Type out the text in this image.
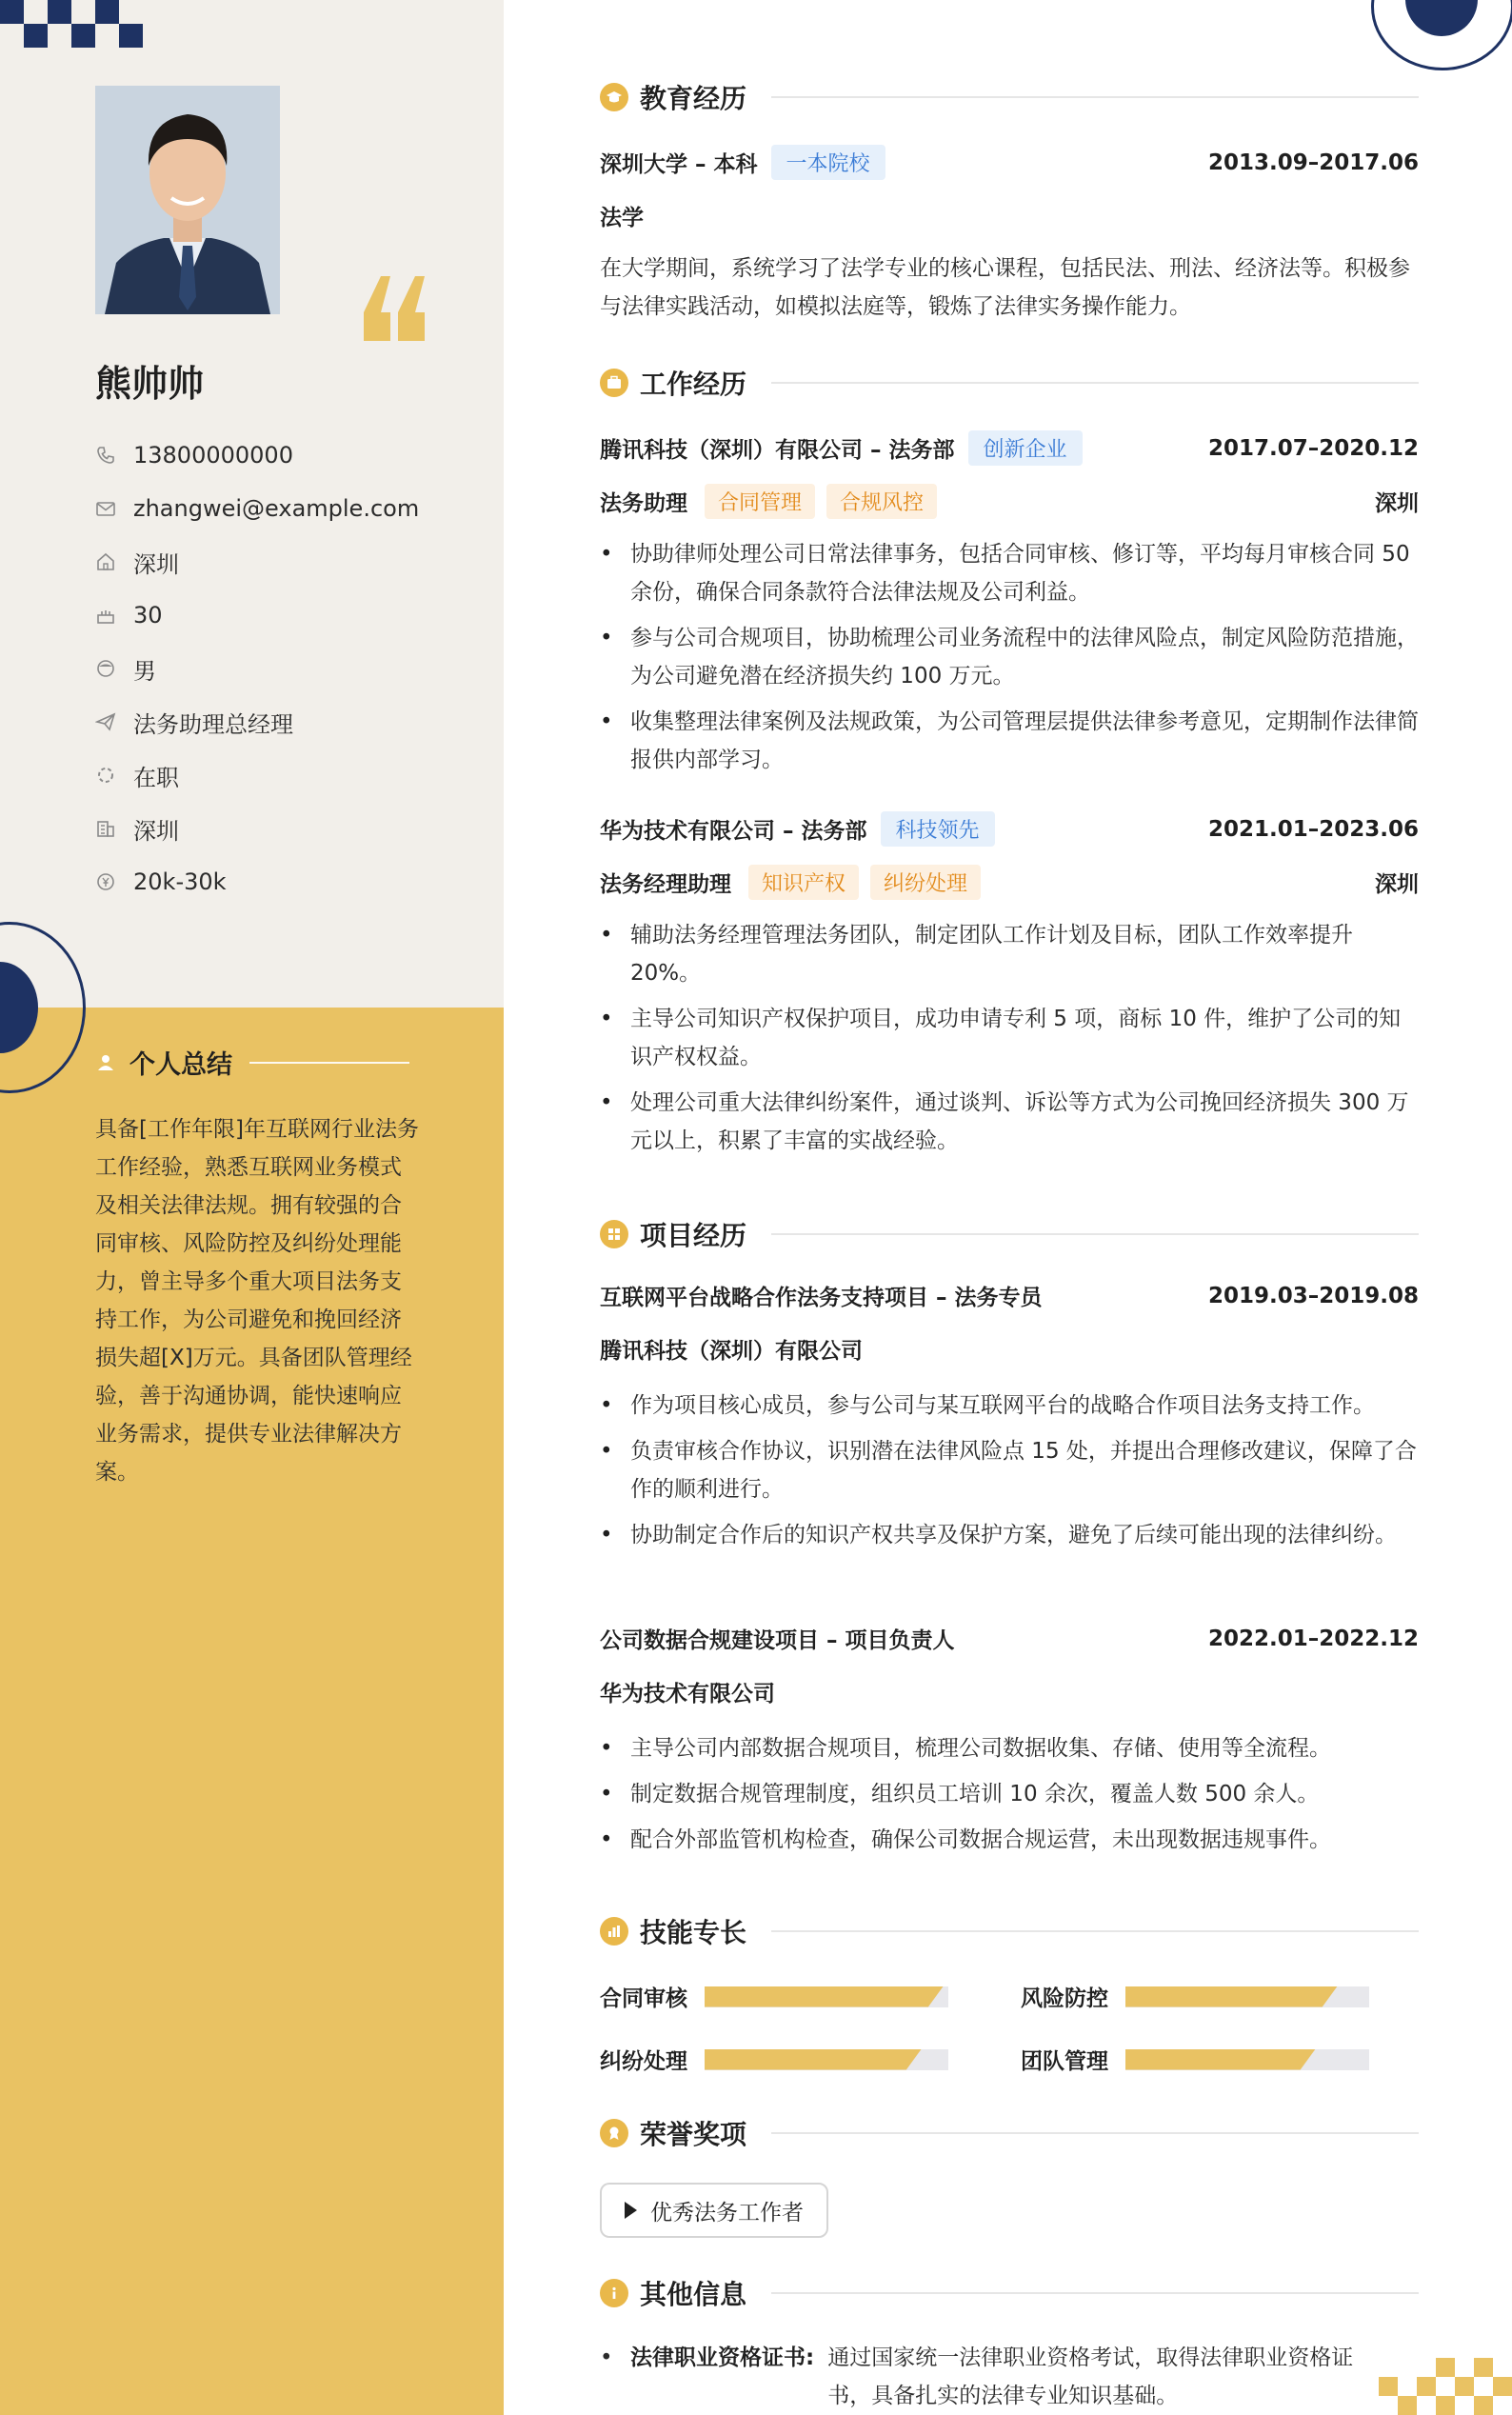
熊帅帅
13800000000
zhangwei@example.com
深圳
30
男
法务助理总经理
在职
深圳
20k-30k
个人总结
具备[工作年限]年互联网行业法务工作经验，熟悉互联网业务模式及相关法律法规。拥有较强的合同审核、风险防控及纠纷处理能力，曾主导多个重大项目法务支持工作，为公司避免和挽回经济损失超[X]万元。具备团队管理经验，善于沟通协调，能快速响应业务需求，提供专业法律解决方案。
教育经历
深圳大学 – 本科	一本院校	2013.09–2017.06
法学
在大学期间，系统学习了法学专业的核心课程，包括民法、刑法、经济法等。积极参与法律实践活动，如模拟法庭等，锻炼了法律实务操作能力。
工作经历
腾讯科技（深圳）有限公司 – 法务部	创新企业	2017.07–2020.12
法务助理	合同管理	合规风控	深圳
• 协助律师处理公司日常法律事务，包括合同审核、修订等，平均每月审核合同 50 余份，确保合同条款符合法律法规及公司利益。
• 参与公司合规项目，协助梳理公司业务流程中的法律风险点，制定风险防范措施，为公司避免潜在经济损失约 100 万元。
• 收集整理法律案例及法规政策，为公司管理层提供法律参考意见，定期制作法律简报供内部学习。
华为技术有限公司 – 法务部	科技领先	2021.01–2023.06
法务经理助理	知识产权	纠纷处理	深圳
• 辅助法务经理管理法务团队，制定团队工作计划及目标，团队工作效率提升 20%。
• 主导公司知识产权保护项目，成功申请专利 5 项，商标 10 件，维护了公司的知识产权权益。
• 处理公司重大法律纠纷案件，通过谈判、诉讼等方式为公司挽回经济损失 300 万元以上，积累了丰富的实战经验。
项目经历
互联网平台战略合作法务支持项目 – 法务专员	2019.03–2019.08
腾讯科技（深圳）有限公司
• 作为项目核心成员，参与公司与某互联网平台的战略合作项目法务支持工作。
• 负责审核合作协议，识别潜在法律风险点 15 处，并提出合理修改建议，保障了合作的顺利进行。
• 协助制定合作后的知识产权共享及保护方案，避免了后续可能出现的法律纠纷。
公司数据合规建设项目 – 项目负责人	2022.01–2022.12
华为技术有限公司
• 主导公司内部数据合规项目，梳理公司数据收集、存储、使用等全流程。
• 制定数据合规管理制度，组织员工培训 10 余次，覆盖人数 500 余人。
• 配合外部监管机构检查，确保公司数据合规运营，未出现数据违规事件。
技能专长
合同审核	风险防控
纠纷处理	团队管理
荣誉奖项
优秀法务工作者
其他信息
• 法律职业资格证书: 通过国家统一法律职业资格考试，取得法律职业资格证书，具备扎实的法律专业知识基础。
